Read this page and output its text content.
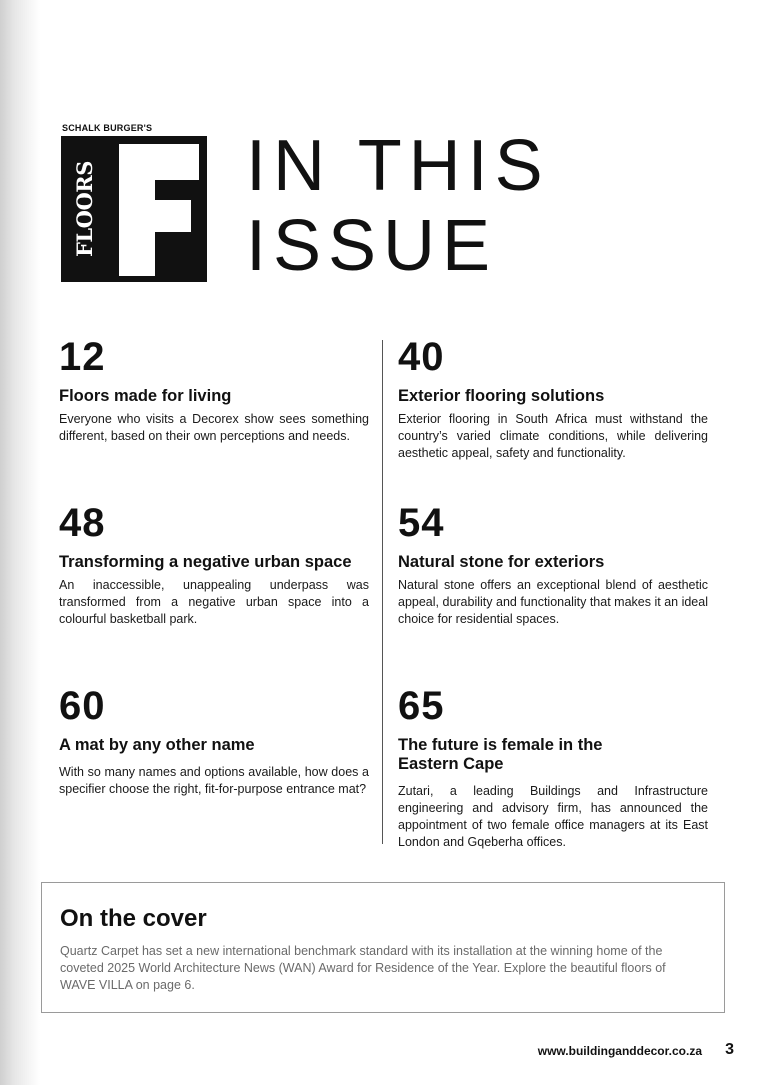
SCHALK BURGER'S
FLOORS IN THIS
ISSUE
12
Floors made for living
Everyone who visits a Decorex show sees something different, based on their own perceptions and needs.
40
Exterior flooring solutions
Exterior flooring in South Africa must withstand the country’s varied climate conditions, while delivering aesthetic appeal, safety and functionality.
48
Transforming a negative urban space
An inaccessible, unappealing underpass was transformed from a negative urban space into a colourful basketball park.
54
Natural stone for exteriors
Natural stone offers an exceptional blend of aesthetic appeal, durability and functionality that makes it an ideal choice for residential spaces.
60
A mat by any other name
With so many names and options available, how does a specifier choose the right, fit-for-purpose entrance mat?
65
The future is female in the Eastern Cape
Zutari, a leading Buildings and Infrastructure engineering and advisory firm, has announced the appointment of two female office managers at its East London and Gqeberha offices.
On the cover
Quartz Carpet has set a new international benchmark standard with its installation at the winning home of the coveted 2025 World Architecture News (WAN) Award for Residence of the Year. Explore the beautiful floors of WAVE VILLA on page 6.
www.buildinganddecor.co.za 3
